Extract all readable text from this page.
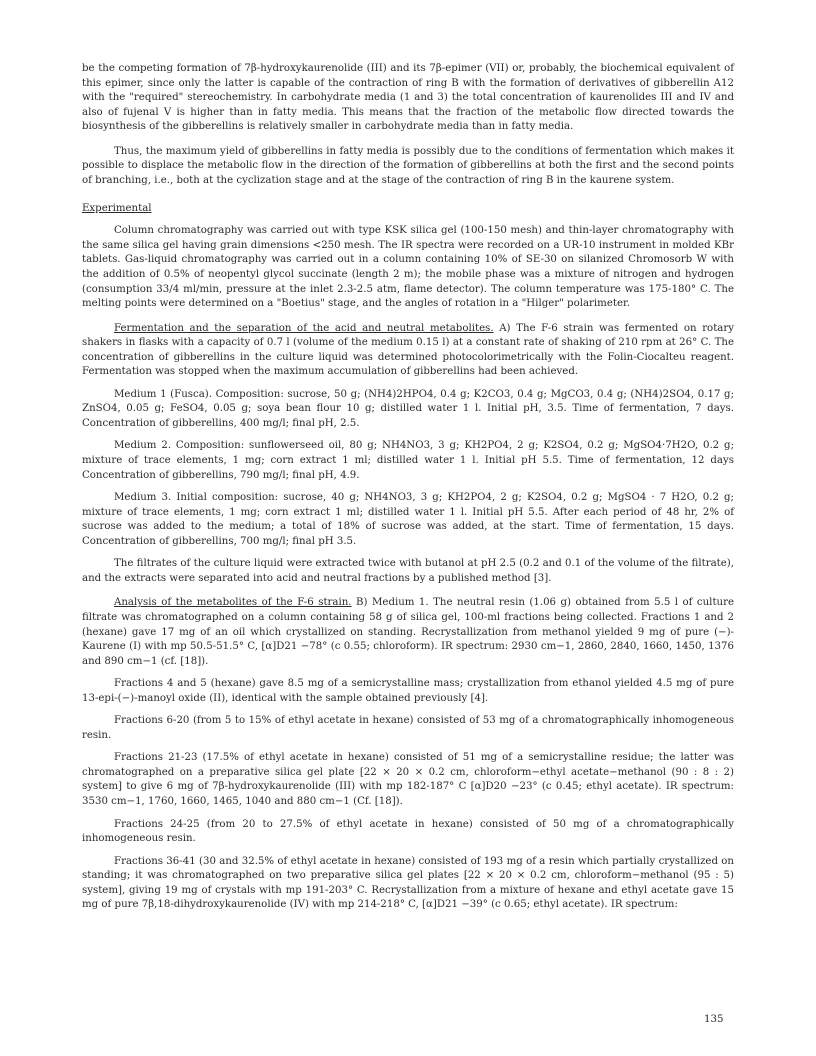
be the competing formation of 7β-hydroxykaurenolide (III) and its 7β-epimer (VII) or, probably, the biochemical equivalent of this epimer, since only the latter is capable of the contraction of ring B with the formation of derivatives of gibberellin A12 with the "required" stereochemistry. In carbohydrate media (1 and 3) the total concentration of kaurenolides III and IV and also of fujenal V is higher than in fatty media. This means that the fraction of the metabolic flow directed towards the biosynthesis of the gibberellins is relatively smaller in carbohydrate media than in fatty media.

Thus, the maximum yield of gibberellins in fatty media is possibly due to the conditions of fermentation which makes it possible to displace the metabolic flow in the direction of the formation of gibberellins at both the first and the second points of branching, i.e., both at the cyclization stage and at the stage of the contraction of ring B in the kaurene system.

Experimental

Column chromatography was carried out with type KSK silica gel (100-150 mesh) and thin-layer chromatography with the same silica gel having grain dimensions <250 mesh. The IR spectra were recorded on a UR-10 instrument in molded KBr tablets. Gas-liquid chromatography was carried out in a column containing 10% of SE-30 on silanized Chromosorb W with the addition of 0.5% of neopentyl glycol succinate (length 2 m); the mobile phase was a mixture of nitrogen and hydrogen (consumption 33/4 ml/min, pressure at the inlet 2.3-2.5 atm, flame detector). The column temperature was 175-180° C. The melting points were determined on a "Boetius" stage, and the angles of rotation in a "Hilger" polarimeter.

Fermentation and the separation of the acid and neutral metabolites. A) The F-6 strain was fermented on rotary shakers in flasks with a capacity of 0.7 l (volume of the medium 0.15 l) at a constant rate of shaking of 210 rpm at 26° C. The concentration of gibberellins in the culture liquid was determined photocolorimetrically with the Folin-Ciocalteu reagent. Fermentation was stopped when the maximum accumulation of gibberellins had been achieved.

Medium 1 (Fusca). Composition: sucrose, 50 g; (NH4)2HPO4, 0.4 g; K2CO3, 0.4 g; MgCO3, 0.4 g; (NH4)2SO4, 0.17 g; ZnSO4, 0.05 g; FeSO4, 0.05 g; soya bean flour 10 g; distilled water 1 l. Initial pH, 3.5. Time of fermentation, 7 days. Concentration of gibberellins, 400 mg/l; final pH, 2.5.

Medium 2. Composition: sunflowerseed oil, 80 g; NH4NO3, 3 g; KH2PO4, 2 g; K2SO4, 0.2 g; MgSO4·7H2O, 0.2 g; mixture of trace elements, 1 mg; corn extract 1 ml; distilled water 1 l. Initial pH 5.5. Time of fermentation, 12 days Concentration of gibberellins, 790 mg/l; final pH, 4.9.

Medium 3. Initial composition: sucrose, 40 g; NH4NO3, 3 g; KH2PO4, 2 g; K2SO4, 0.2 g; MgSO4 · 7 H2O, 0.2 g; mixture of trace elements, 1 mg; corn extract 1 ml; distilled water 1 l. Initial pH 5.5. After each period of 48 hr, 2% of sucrose was added to the medium; a total of 18% of sucrose was added, at the start. Time of fermentation, 15 days. Concentration of gibberellins, 700 mg/l; final pH 3.5.

The filtrates of the culture liquid were extracted twice with butanol at pH 2.5 (0.2 and 0.1 of the volume of the filtrate), and the extracts were separated into acid and neutral fractions by a published method [3].

Analysis of the metabolites of the F-6 strain. B) Medium 1. The neutral resin (1.06 g) obtained from 5.5 l of culture filtrate was chromatographed on a column containing 58 g of silica gel, 100-ml fractions being collected. Fractions 1 and 2 (hexane) gave 17 mg of an oil which crystallized on standing. Recrystallization from methanol yielded 9 mg of pure (−)-Kaurene (I) with mp 50.5-51.5° C, [α]D21 −78° (c 0.55; chloroform). IR spectrum: 2930 cm−1, 2860, 2840, 1660, 1450, 1376 and 890 cm−1 (cf. [18]).

Fractions 4 and 5 (hexane) gave 8.5 mg of a semicrystalline mass; crystallization from ethanol yielded 4.5 mg of pure 13-epi-(−)-manoyl oxide (II), identical with the sample obtained previously [4].

Fractions 6-20 (from 5 to 15% of ethyl acetate in hexane) consisted of 53 mg of a chromatographically inhomogeneous resin.

Fractions 21-23 (17.5% of ethyl acetate in hexane) consisted of 51 mg of a semicrystalline residue; the latter was chromatographed on a preparative silica gel plate [22 × 20 × 0.2 cm, chloroform−ethyl acetate−methanol (90 : 8 : 2) system] to give 6 mg of 7β-hydroxykaurenolide (III) with mp 182-187° C [α]D20 −23° (c 0.45; ethyl acetate). IR spectrum: 3530 cm−1, 1760, 1660, 1465, 1040 and 880 cm−1 (Cf. [18]).

Fractions 24-25 (from 20 to 27.5% of ethyl acetate in hexane) consisted of 50 mg of a chromatographically inhomogeneous resin.

Fractions 36-41 (30 and 32.5% of ethyl acetate in hexane) consisted of 193 mg of a resin which partially crystallized on standing; it was chromatographed on two preparative silica gel plates [22 × 20 × 0.2 cm, chloroform−methanol (95 : 5) system], giving 19 mg of crystals with mp 191-203° C. Recrystallization from a mixture of hexane and ethyl acetate gave 15 mg of pure 7β,18-dihydroxykaurenolide (IV) with mp 214-218° C, [α]D21 −39° (c 0.65; ethyl acetate). IR spectrum:

135
